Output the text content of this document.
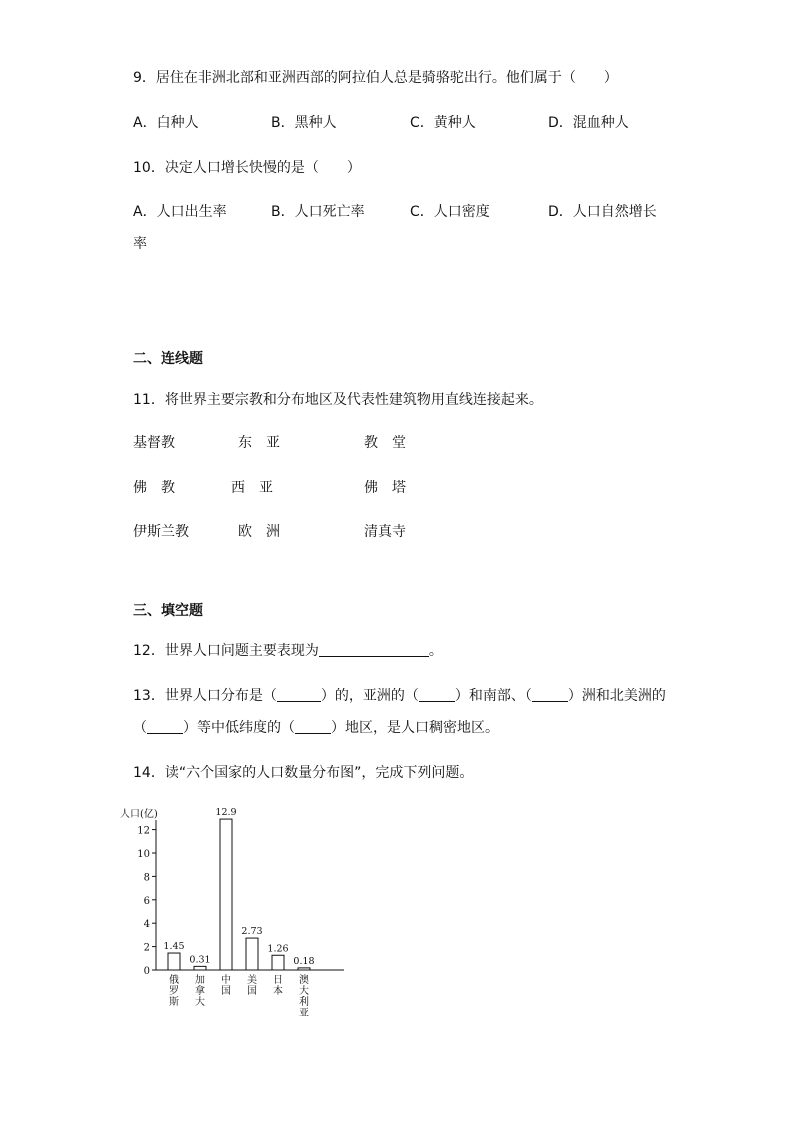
9．居住在非洲北部和亚洲西部的阿拉伯人总是骑骆驼出行。他们属于（　　）
A．白种人	B．黑种人	C．黄种人	D．混血种人
10．决定人口增长快慢的是（　　）
A．人口出生率	B．人口死亡率	C．人口密度	D．人口自然增长
率
二、连线题
11．将世界主要宗教和分布地区及代表性建筑物用直线连接起来。
基督教	东　亚	教　堂
佛　教	西　亚	佛　塔
伊斯兰教	欧　洲	清真寺
三、填空题
12．世界人口问题主要表现为	。
13．世界人口分布是（	）的，亚洲的（	）和南部、（	）洲和北美洲的
（	）等中低纬度的（	）地区，是人口稠密地区。
14．读“六个国家的人口数量分布图”，完成下列问题。
人口(亿)
0
2
4
6
8
10
12
1.45
俄
罗
斯
0.31
加
拿
大
12.9
中
国
2.73
美
国
1.26
日
本
0.18
澳
大
利
亚
